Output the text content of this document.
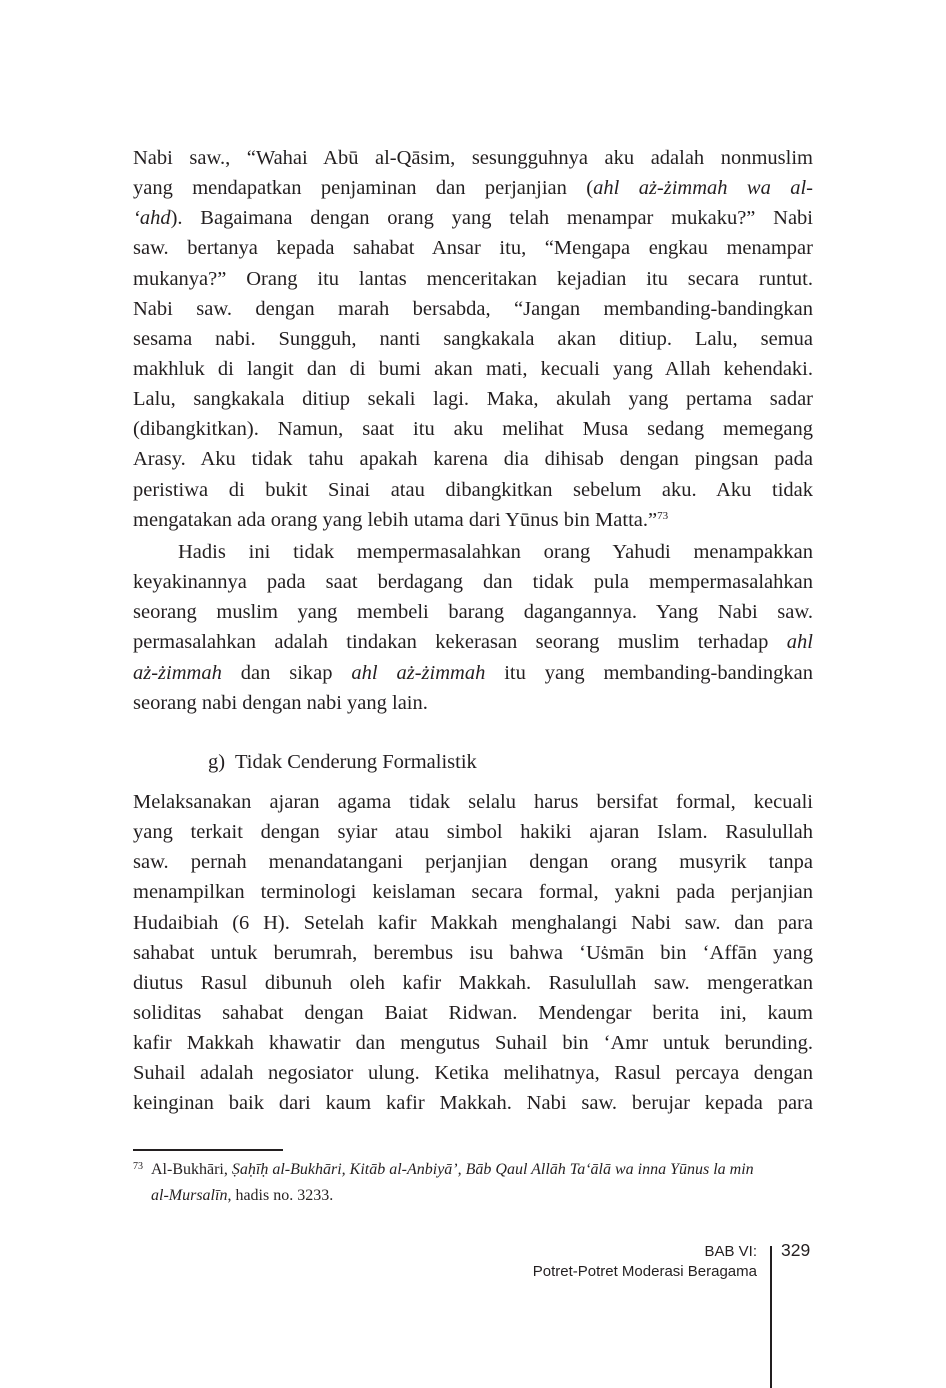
Nabi saw., “Wahai Abū al-Qāsim, sesungguhnya aku adalah nonmuslim
yang mendapatkan penjaminan dan perjanjian (ahl aż-żimmah wa al-
‘ahd). Bagaimana dengan orang yang telah menampar mukaku?” Nabi
saw. bertanya kepada sahabat Ansar itu, “Mengapa engkau menampar
mukanya?” Orang itu lantas menceritakan kejadian itu secara runtut.
Nabi saw. dengan marah bersabda, “Jangan membanding-bandingkan
sesama nabi. Sungguh, nanti sangkakala akan ditiup. Lalu, semua
makhluk di langit dan di bumi akan mati, kecuali yang Allah kehendaki.
Lalu, sangkakala ditiup sekali lagi. Maka, akulah yang pertama sadar
(dibangkitkan). Namun, saat itu aku melihat Musa sedang memegang
Arasy. Aku tidak tahu apakah karena dia dihisab dengan pingsan pada
peristiwa di bukit Sinai atau dibangkitkan sebelum aku. Aku tidak
mengatakan ada orang yang lebih utama dari Yūnus bin Matta.”$^{73}$
Hadis ini tidak mempermasalahkan orang Yahudi menampakkan
keyakinannya pada saat berdagang dan tidak pula mempermasalahkan
seorang muslim yang membeli barang dagangannya. Yang Nabi saw.
permasalahkan adalah tindakan kekerasan seorang muslim terhadap ahl
aż-żimmah dan sikap ahl aż-żimmah itu yang membanding-bandingkan
seorang nabi dengan nabi yang lain.
g) Tidak Cenderung Formalistik
Melaksanakan ajaran agama tidak selalu harus bersifat formal, kecuali
yang terkait dengan syiar atau simbol hakiki ajaran Islam. Rasulullah
saw. pernah menandatangani perjanjian dengan orang musyrik tanpa
menampilkan terminologi keislaman secara formal, yakni pada perjanjian
Hudaibiah (6 H). Setelah kafir Makkah menghalangi Nabi saw. dan para
sahabat untuk berumrah, berembus isu bahwa ‘Uṡmān bin ‘Affān yang
diutus Rasul dibunuh oleh kafir Makkah. Rasulullah saw. mengeratkan
soliditas sahabat dengan Baiat Ridwan. Mendengar berita ini, kaum
kafir Makkah khawatir dan mengutus Suhail bin ‘Amr untuk berunding.
Suhail adalah negosiator ulung. Ketika melihatnya, Rasul percaya dengan
keinginan baik dari kaum kafir Makkah. Nabi saw. berujar kepada para
$^{73}$ Al-Bukhāri, Ṣaḥīḥ al-Bukhāri, Kitāb al-Anbiyā’, Bāb Qaul Allāh Ta‘ālā wa inna Yūnus la min
al-Mursalīn, hadis no. 3233.
BAB VI:
Potret-Potret Moderasi Beragama
329
